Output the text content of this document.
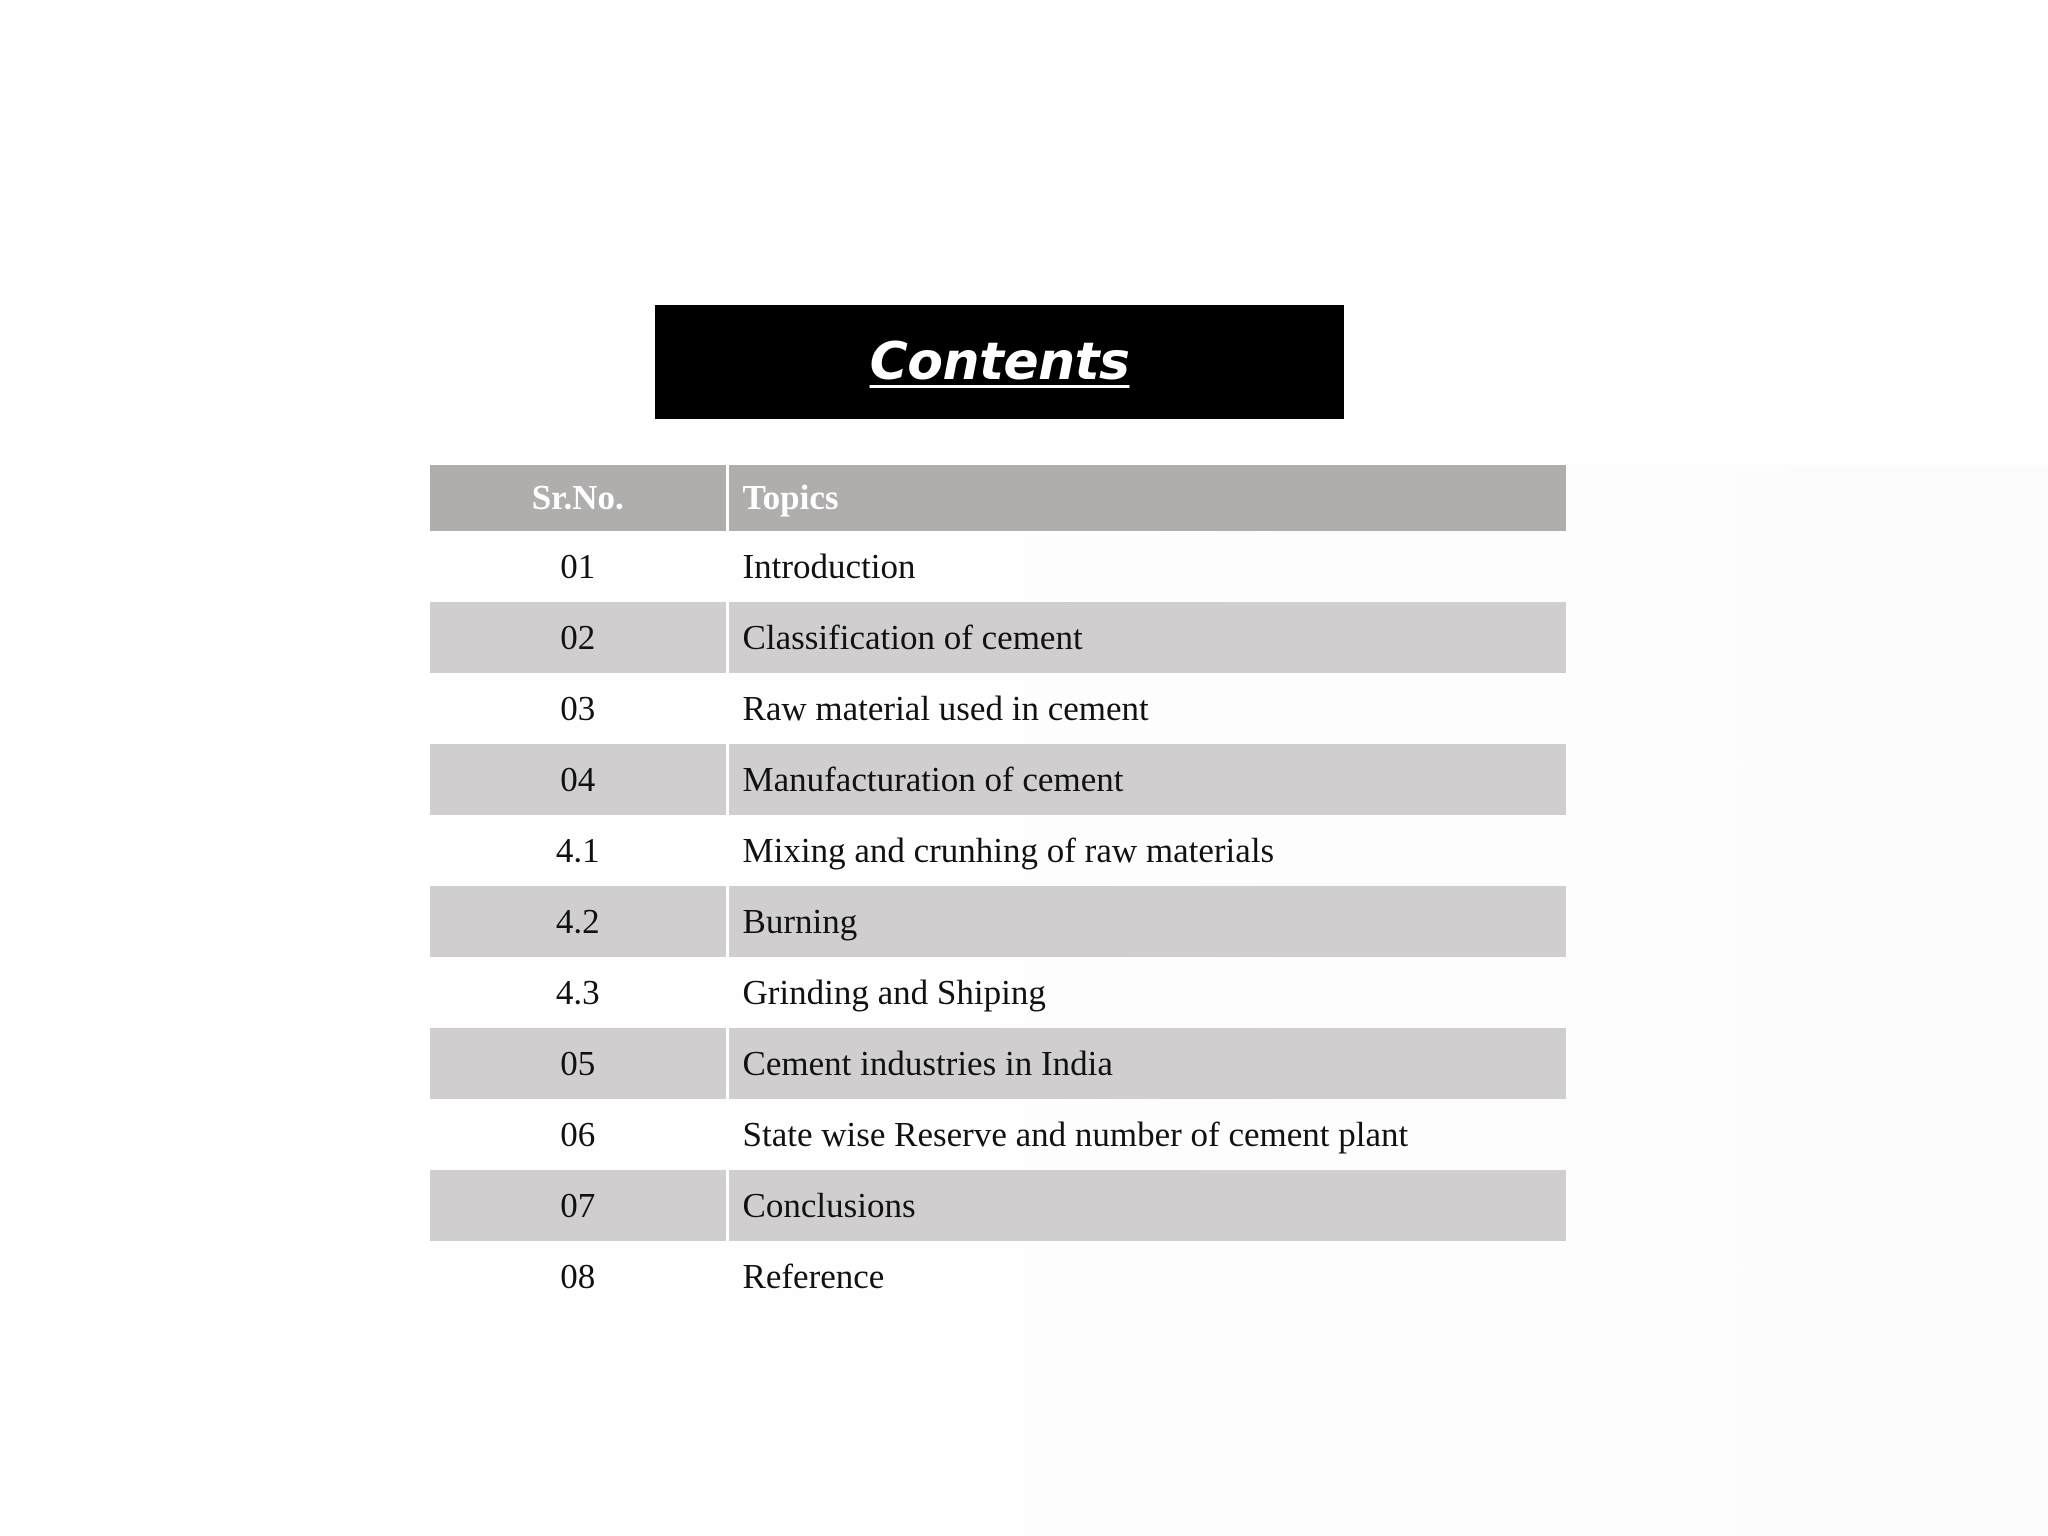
Contents
Sr.No.	Topics
01	Introduction
02	Classification of cement
03	Raw material used in cement
04	Manufacturation of cement
4.1	Mixing and crunhing of raw materials
4.2	Burning
4.3	Grinding and Shiping
05	Cement industries in India
06	State wise Reserve and number of cement plant
07	Conclusions
08	Reference
